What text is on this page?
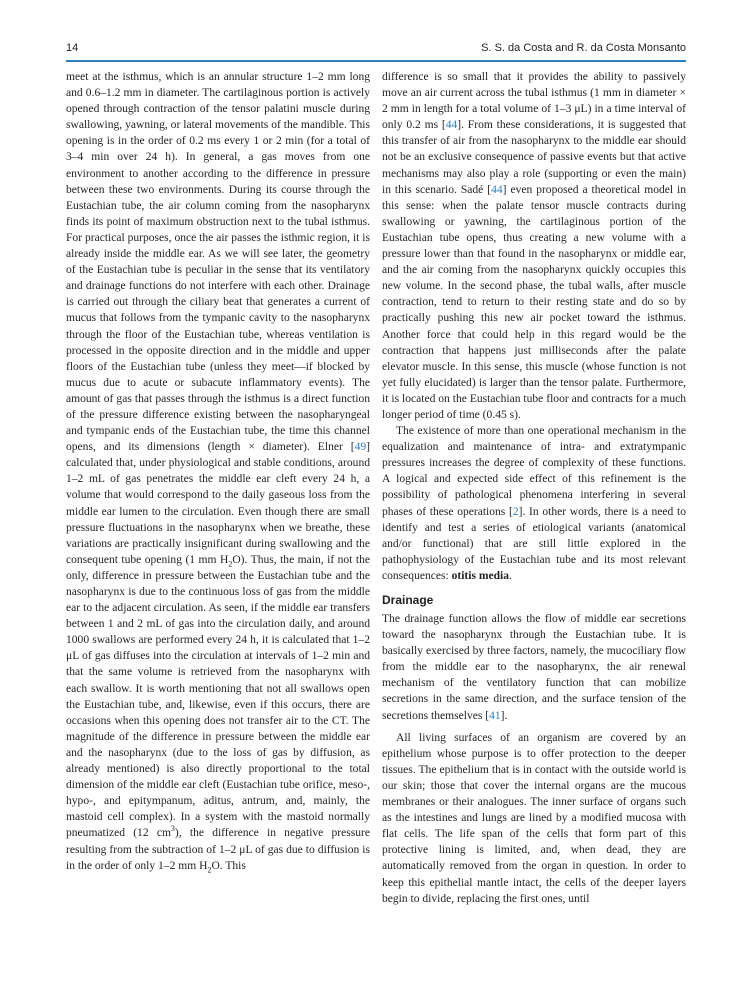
14	S. S. da Costa and R. da Costa Monsanto

meet at the isthmus, which is an annular structure 1–2 mm long and 0.6–1.2 mm in diameter. The cartilaginous portion is actively opened through contraction of the tensor palatini muscle during swallowing, yawning, or lateral movements of the mandible. This opening is in the order of 0.2 ms every 1 or 2 min (for a total of 3–4 min over 24 h). In general, a gas moves from one environment to another according to the difference in pressure between these two environments. During its course through the Eustachian tube, the air column coming from the nasopharynx finds its point of maximum obstruction next to the tubal isthmus. For practical purposes, once the air passes the isthmic region, it is already inside the middle ear. As we will see later, the geometry of the Eustachian tube is peculiar in the sense that its ventilatory and drainage functions do not interfere with each other. Drainage is carried out through the ciliary beat that generates a current of mucus that follows from the tympanic cavity to the nasopharynx through the floor of the Eustachian tube, whereas ventilation is processed in the opposite direction and in the middle and upper floors of the Eustachian tube (unless they meet—if blocked by mucus due to acute or subacute inflammatory events). The amount of gas that passes through the isthmus is a direct function of the pressure difference existing between the nasopharyngeal and tympanic ends of the Eustachian tube, the time this channel opens, and its dimensions (length × diameter). Elner [49] calculated that, under physiological and stable conditions, around 1–2 mL of gas penetrates the middle ear cleft every 24 h, a volume that would correspond to the daily gaseous loss from the middle ear lumen to the circulation. Even though there are small pressure fluctuations in the nasopharynx when we breathe, these variations are practically insignificant during swallowing and the consequent tube opening (1 mm $H_2O$). Thus, the main, if not the only, difference in pressure between the Eustachian tube and the nasopharynx is due to the continuous loss of gas from the middle ear to the adjacent circulation. As seen, if the middle ear transfers between 1 and 2 mL of gas into the circulation daily, and around 1000 swallows are performed every 24 h, it is calculated that 1–2 μL of gas diffuses into the circulation at intervals of 1–2 min and that the same volume is retrieved from the nasopharynx with each swallow. It is worth mentioning that not all swallows open the Eustachian tube, and, likewise, even if this occurs, there are occasions when this opening does not transfer air to the CT. The magnitude of the difference in pressure between the middle ear and the nasopharynx (due to the loss of gas by diffusion, as already mentioned) is also directly proportional to the total dimension of the middle ear cleft (Eustachian tube orifice, meso-, hypo-, and epitympanum, aditus, antrum, and, mainly, the mastoid cell complex). In a system with the mastoid normally pneumatized (12 $cm^3$), the difference in negative pressure resulting from the subtraction of 1–2 μL of gas due to diffusion is in the order of only 1–2 mm $H_2O$. This

difference is so small that it provides the ability to passively move an air current across the tubal isthmus (1 mm in diameter × 2 mm in length for a total volume of 1–3 μL) in a time interval of only 0.2 ms [44]. From these considerations, it is suggested that this transfer of air from the nasopharynx to the middle ear should not be an exclusive consequence of passive events but that active mechanisms may also play a role (supporting or even the main) in this scenario. Sadé [44] even proposed a theoretical model in this sense: when the palate tensor muscle contracts during swallowing or yawning, the cartilaginous portion of the Eustachian tube opens, thus creating a new volume with a pressure lower than that found in the nasopharynx or middle ear, and the air coming from the nasopharynx quickly occupies this new volume. In the second phase, the tubal walls, after muscle contraction, tend to return to their resting state and do so by practically pushing this new air pocket toward the isthmus. Another force that could help in this regard would be the contraction that happens just milliseconds after the palate elevator muscle. In this sense, this muscle (whose function is not yet fully elucidated) is larger than the tensor palate. Furthermore, it is located on the Eustachian tube floor and contracts for a much longer period of time (0.45 s).

The existence of more than one operational mechanism in the equalization and maintenance of intra- and extratympanic pressures increases the degree of complexity of these functions. A logical and expected side effect of this refinement is the possibility of pathological phenomena interfering in several phases of these operations [2]. In other words, there is a need to identify and test a series of etiological variants (anatomical and/or functional) that are still little explored in the pathophysiology of the Eustachian tube and its most relevant consequences: otitis media.

Drainage

The drainage function allows the flow of middle ear secretions toward the nasopharynx through the Eustachian tube. It is basically exercised by three factors, namely, the mucociliary flow from the middle ear to the nasopharynx, the air renewal mechanism of the ventilatory function that can mobilize secretions in the same direction, and the surface tension of the secretions themselves [41].

All living surfaces of an organism are covered by an epithelium whose purpose is to offer protection to the deeper tissues. The epithelium that is in contact with the outside world is our skin; those that cover the internal organs are the mucous membranes or their analogues. The inner surface of organs such as the intestines and lungs are lined by a modified mucosa with flat cells. The life span of the cells that form part of this protective lining is limited, and, when dead, they are automatically removed from the organ in question. In order to keep this epithelial mantle intact, the cells of the deeper layers begin to divide, replacing the first ones, until
